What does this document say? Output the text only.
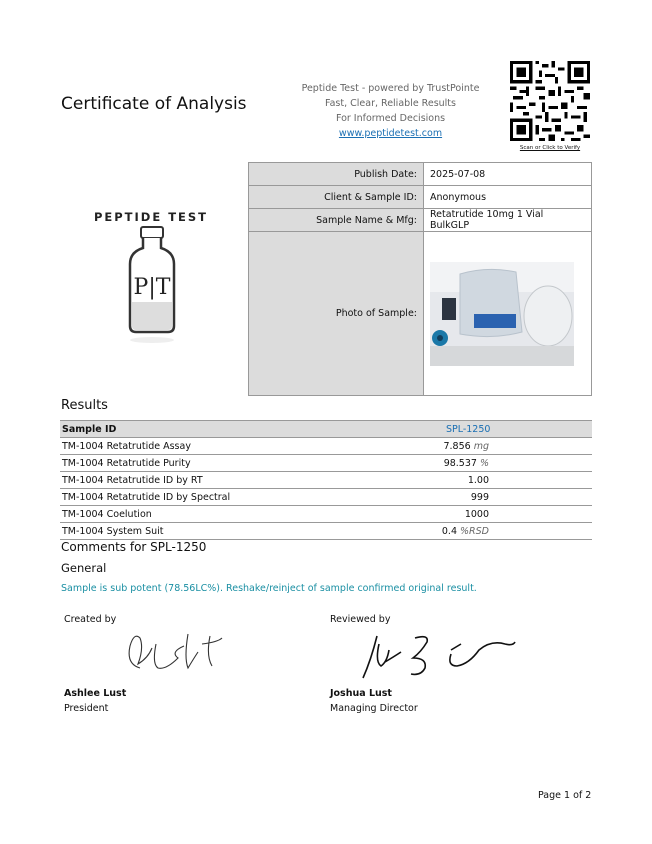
Certificate of Analysis
Peptide Test - powered by TrustPointe
Fast, Clear, Reliable Results
For Informed Decisions
www.peptidetest.com
Scan or Click to Verify
PEPTIDE TEST
P|T
Publish Date:	2025-07-08
Client & Sample ID:	Anonymous
Sample Name & Mfg:	Retatrutide 10mg 1 Vial BulkGLP
Photo of Sample:	
Results
Sample ID	SPL-1250
TM-1004 Retatrutide Assay	7.856 mg
TM-1004 Retatrutide Purity	98.537 %
TM-1004 Retatrutide ID by RT	1.00
TM-1004 Retatrutide ID by Spectral	999
TM-1004 Coelution	1000
TM-1004 System Suit	0.4 %RSD
Comments for SPL-1250
General
Sample is sub potent (78.56LC%). Reshake/reinject of sample confirmed original result.
Created by
Ashlee Lust
President
Reviewed by
Joshua Lust
Managing Director
Page 1 of 2
